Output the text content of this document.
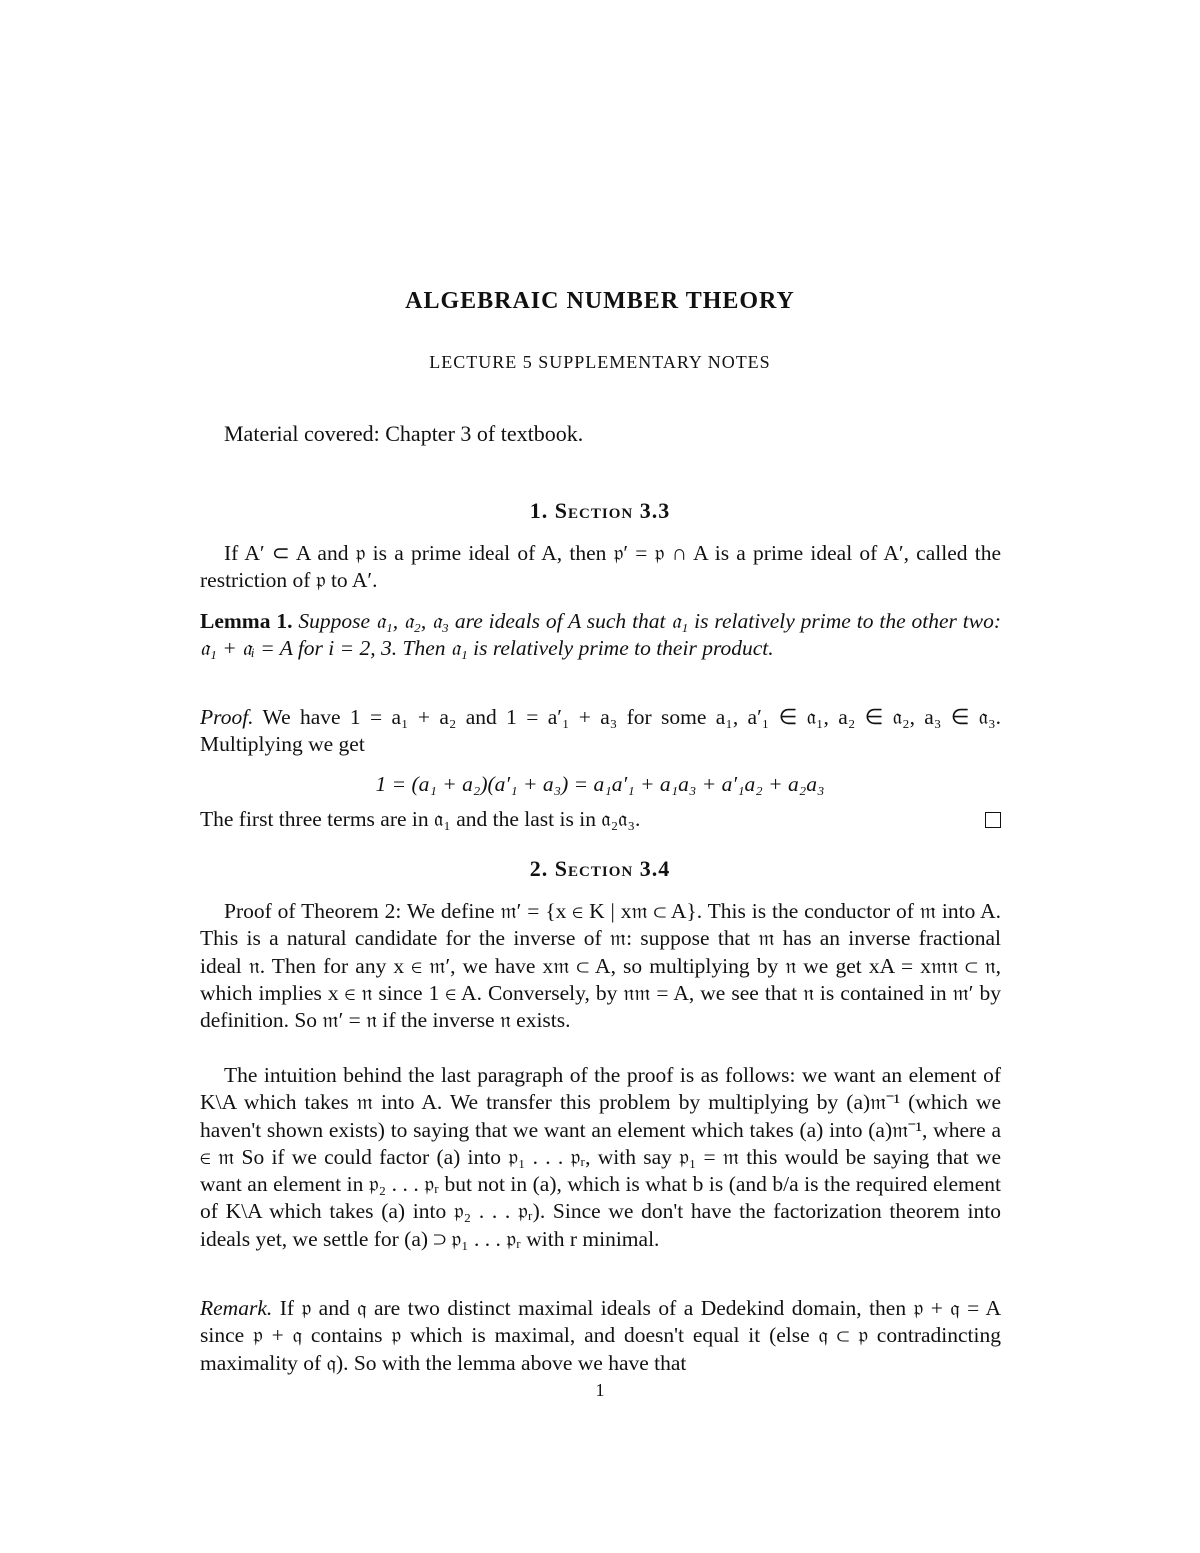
ALGEBRAIC NUMBER THEORY
LECTURE 5 SUPPLEMENTARY NOTES

Material covered: Chapter 3 of textbook.

1. Section 3.3

If A′ ⊂ A and 𝔭 is a prime ideal of A, then 𝔭′ = 𝔭 ∩ A is a prime ideal of A′, called the restriction of 𝔭 to A′.

Lemma 1. Suppose 𝔞₁, 𝔞₂, 𝔞₃ are ideals of A such that 𝔞₁ is relatively prime to the other two: 𝔞₁ + 𝔞ᵢ = A for i = 2, 3. Then 𝔞₁ is relatively prime to their product.

Proof. We have 1 = a₁ + a₂ and 1 = a′₁ + a₃ for some a₁, a′₁ ∈ 𝔞₁, a₂ ∈ 𝔞₂, a₃ ∈ 𝔞₃. Multiplying we get

1 = (a₁ + a₂)(a′₁ + a₃) = a₁a′₁ + a₁a₃ + a′₁a₂ + a₂a₃

The first three terms are in 𝔞₁ and the last is in 𝔞₂𝔞₃.

2. Section 3.4

Proof of Theorem 2: We define 𝔪′ = {x ∈ K | x𝔪 ⊂ A}. This is the conductor of 𝔪 into A. This is a natural candidate for the inverse of 𝔪: suppose that 𝔪 has an inverse fractional ideal 𝔫. Then for any x ∈ 𝔪′, we have x𝔪 ⊂ A, so multiplying by 𝔫 we get xA = x𝔪𝔫 ⊂ 𝔫, which implies x ∈ 𝔫 since 1 ∈ A. Conversely, by 𝔫𝔪 = A, we see that 𝔫 is contained in 𝔪′ by definition. So 𝔪′ = 𝔫 if the inverse 𝔫 exists.

The intuition behind the last paragraph of the proof is as follows: we want an element of K\A which takes 𝔪 into A. We transfer this problem by multiplying by (a)𝔪⁻¹ (which we haven't shown exists) to saying that we want an element which takes (a) into (a)𝔪⁻¹, where a ∈ 𝔪 So if we could factor (a) into 𝔭₁ . . . 𝔭ᵣ, with say 𝔭₁ = 𝔪 this would be saying that we want an element in 𝔭₂ . . . 𝔭ᵣ but not in (a), which is what b is (and b/a is the required element of K\A which takes (a) into 𝔭₂ . . . 𝔭ᵣ). Since we don't have the factorization theorem into ideals yet, we settle for (a) ⊃ 𝔭₁ . . . 𝔭ᵣ with r minimal.

Remark. If 𝔭 and 𝔮 are two distinct maximal ideals of a Dedekind domain, then 𝔭 + 𝔮 = A since 𝔭 + 𝔮 contains 𝔭 which is maximal, and doesn't equal it (else 𝔮 ⊂ 𝔭 contradincting maximality of 𝔮). So with the lemma above we have that

1
